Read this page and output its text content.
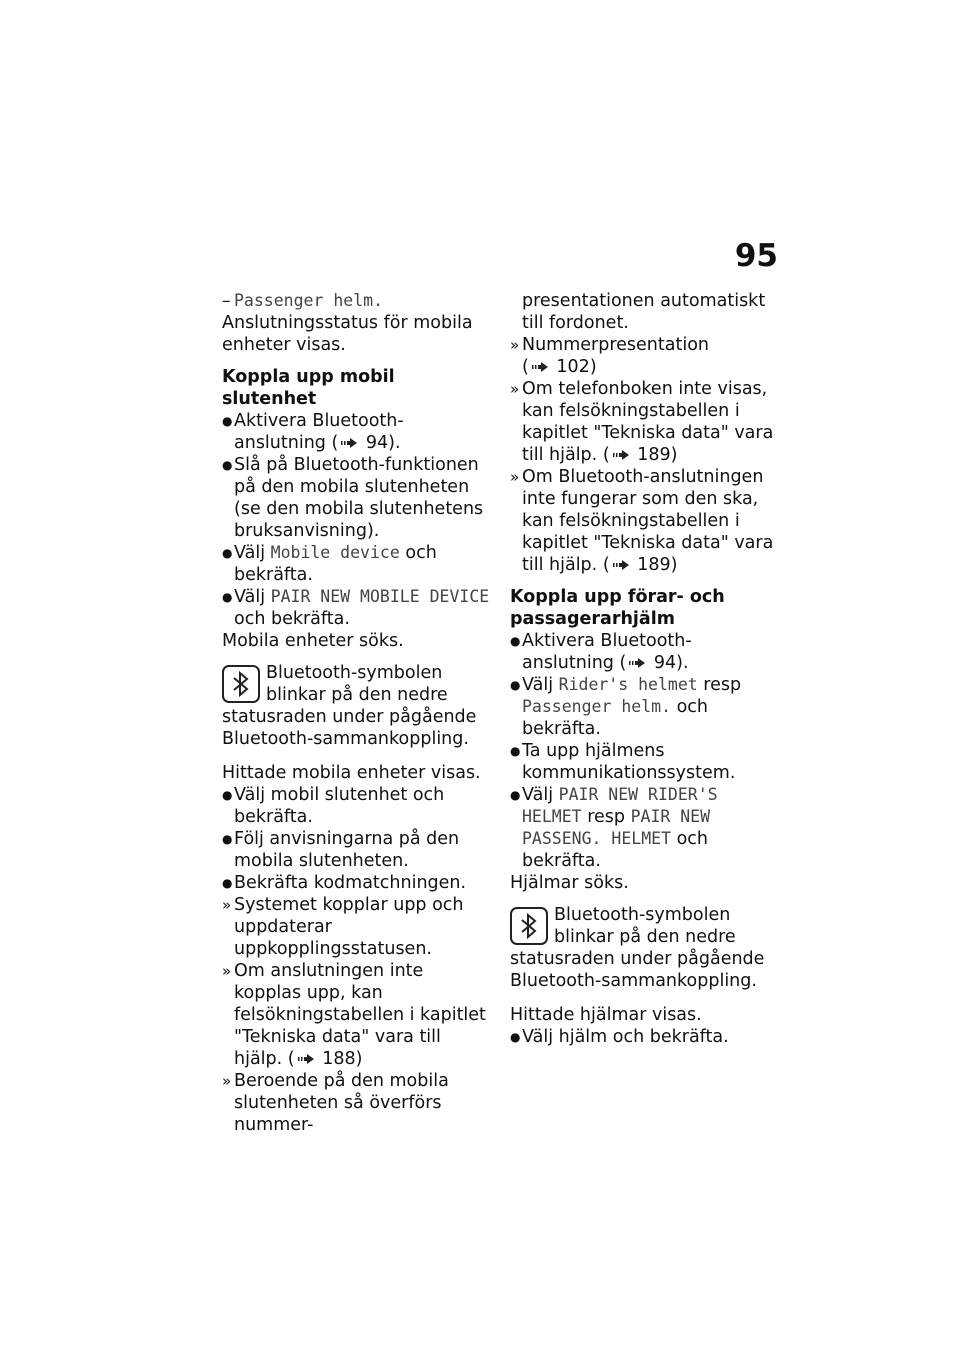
95
– Passenger helm.

Anslutningsstatus för mobila enheter visas.

Koppla upp mobil slutenhet

● Aktivera Bluetooth-anslutning ( 94).
● Slå på Bluetooth-funktionen på den mobila slutenheten (se den mobila slutenhetens bruksanvisning).
● Välj Mobile device och bekräfta.
● Välj PAIR NEW MOBILE DEVICE och bekräfta.

Mobila enheter söks.

Bluetooth-symbolen blinkar på den nedre statusraden under pågående Bluetooth-sammankoppling.

Hittade mobila enheter visas.

● Välj mobil slutenhet och bekräfta.
● Följ anvisningarna på den mobila slutenheten.
● Bekräfta kodmatchningen.
» Systemet kopplar upp och uppdaterar uppkopplingsstatusen.
» Om anslutningen inte kopplas upp, kan felsökningstabellen i kapitlet "Tekniska data" vara till hjälp. ( 188)
» Beroende på den mobila slutenheten så överförs nummer-

presentationen automatiskt till fordonet.

» Nummerpresentation
( 102)
» Om telefonboken inte visas, kan felsökningstabellen i kapitlet "Tekniska data" vara till hjälp. ( 189)
» Om Bluetooth-anslutningen inte fungerar som den ska, kan felsökningstabellen i kapitlet "Tekniska data" vara till hjälp. ( 189)

Koppla upp förar- och passagerarhjälm

● Aktivera Bluetooth-anslutning ( 94).
● Välj Rider's helmet resp Passenger helm. och bekräfta.
● Ta upp hjälmens kommunikationssystem.
● Välj PAIR NEW RIDER'S HELMET resp PAIR NEW PASSENG. HELMET och bekräfta.

Hjälmar söks.

Bluetooth-symbolen blinkar på den nedre statusraden under pågående Bluetooth-sammankoppling.

Hittade hjälmar visas.

● Välj hjälm och bekräfta.
